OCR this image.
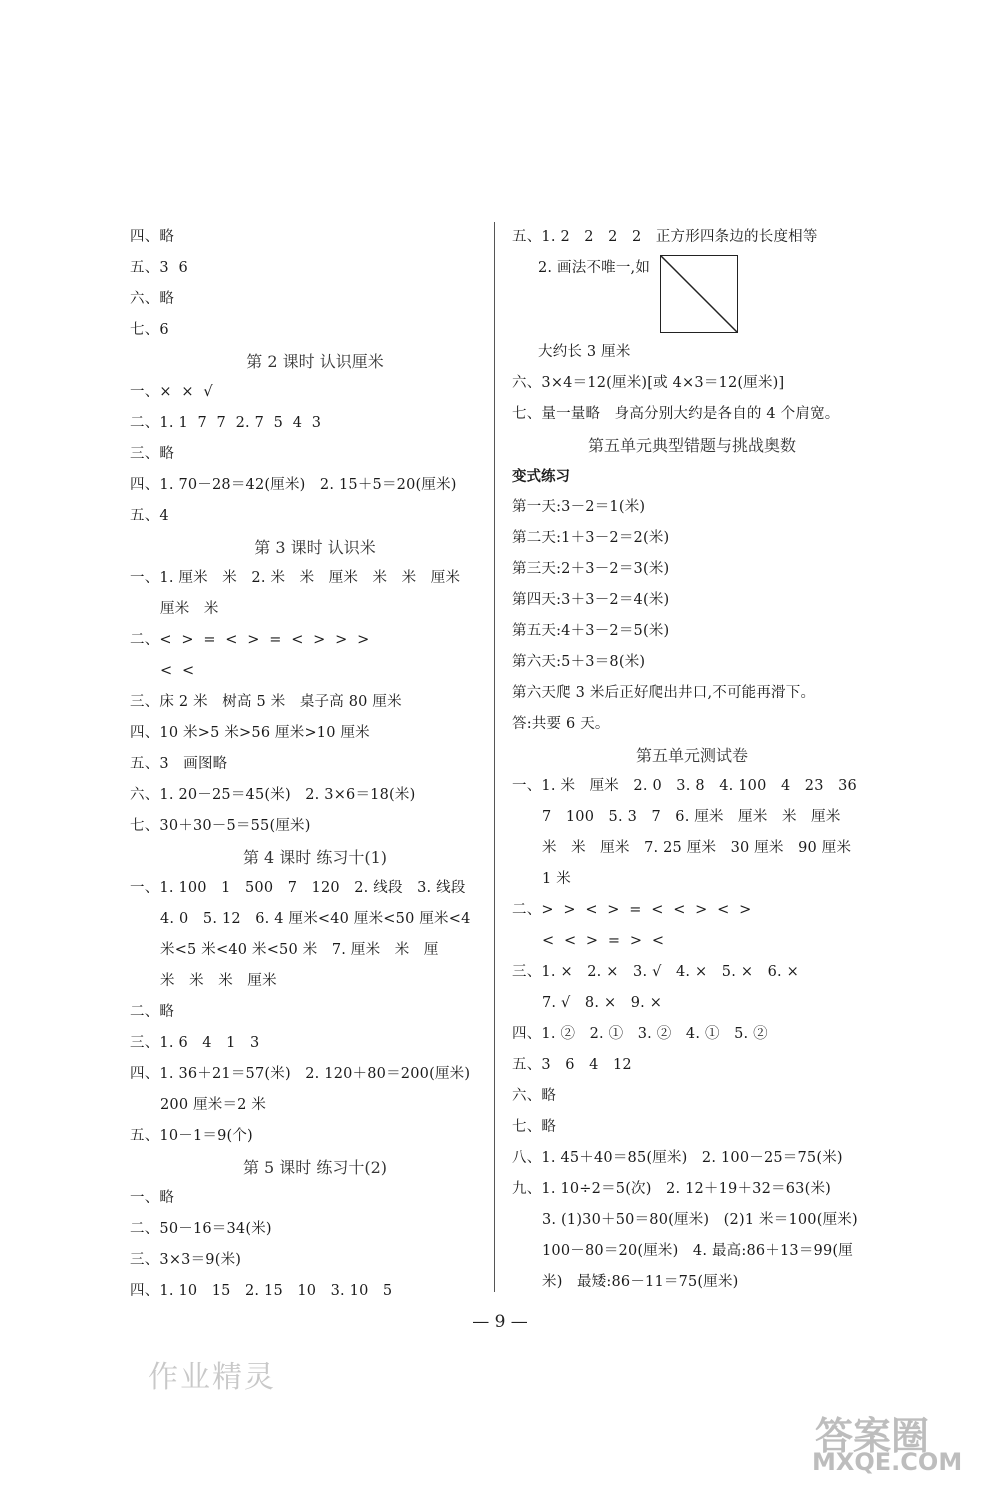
四、略
五、3  6
六、略
七、6
第 2 课时 认识厘米
一、×  ×  √
二、1. 1  7  7  2. 7  5  4  3
三、略
四、1. 70－28＝42(厘米)   2. 15＋5＝20(厘米)
五、4
第 3 课时 认识米
一、1. 厘米   米   2. 米   米   厘米   米   米   厘米
厘米   米
二、<  >  =  <  >  =  <  >  >  >
<  <
三、床 2 米   树高 5 米   桌子高 80 厘米
四、10 米>5 米>56 厘米>10 厘米
五、3   画图略
六、1. 20－25＝45(米)   2. 3×6＝18(米)
七、30＋30－5＝55(厘米)
第 4 课时 练习十(1)
一、1. 100   1   500   7   120   2. 线段   3. 线段
4. 0   5. 12   6. 4 厘米<40 厘米<50 厘米<4
米<5 米<40 米<50 米   7. 厘米   米   厘
米   米   米   厘米
二、略
三、1. 6   4   1   3
四、1. 36＋21＝57(米)   2. 120＋80＝200(厘米)
200 厘米＝2 米
五、10－1＝9(个)
第 5 课时 练习十(2)
一、略
二、50－16＝34(米)
三、3×3＝9(米)
四、1. 10   15   2. 15   10   3. 10   5
五、1. 2   2   2   2   正方形四条边的长度相等
2. 画法不唯一,如
大约长 3 厘米
六、3×4＝12(厘米)[或 4×3＝12(厘米)]
七、量一量略   身高分别大约是各自的 4 个肩宽。
第五单元典型错题与挑战奥数
变式练习
第一天:3－2＝1(米)
第二天:1＋3－2＝2(米)
第三天:2＋3－2＝3(米)
第四天:3＋3－2＝4(米)
第五天:4＋3－2＝5(米)
第六天:5＋3＝8(米)
第六天爬 3 米后正好爬出井口,不可能再滑下。
答:共要 6 天。
第五单元测试卷
一、1. 米   厘米   2. 0   3. 8   4. 100   4   23   36
7   100   5. 3   7   6. 厘米   厘米   米   厘米
米   米   厘米   7. 25 厘米   30 厘米   90 厘米
1 米
二、>  >  <  >  =  <  <  >  <  >
<  <  >  =  >  <
三、1. ×   2. ×   3. √   4. ×   5. ×   6. ×
7. √   8. ×   9. ×
四、1. ②   2. ①   3. ②   4. ①   5. ②
五、3   6   4   12
六、略
七、略
八、1. 45＋40＝85(厘米)   2. 100－25＝75(米)
九、1. 10÷2＝5(次)   2. 12＋19＋32＝63(米)
3. (1)30＋50＝80(厘米)   (2)1 米＝100(厘米)
100－80＝20(厘米)   4. 最高:86＋13＝99(厘
米)   最矮:86－11＝75(厘米)
— 9 —
作业精灵
答案圈
MXQE.COM
